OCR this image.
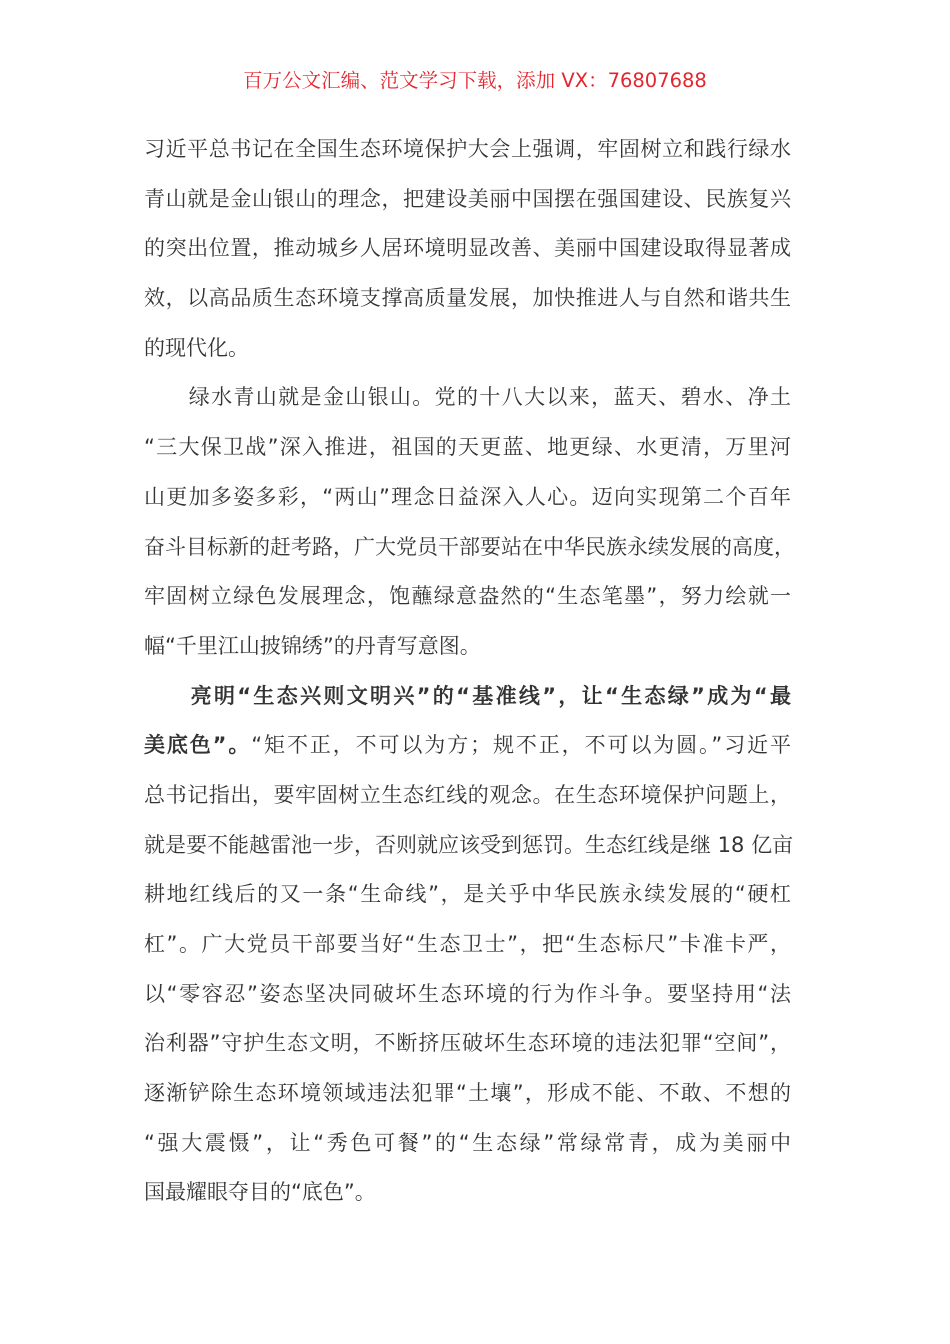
百万公文汇编、范文学习下载，添加 VX：76807688
习近平总书记在全国生态环境保护大会上强调，牢固树立和践行绿水
青山就是金山银山的理念，把建设美丽中国摆在强国建设、民族复兴
的突出位置，推动城乡人居环境明显改善、美丽中国建设取得显著成
效，以高品质生态环境支撑高质量发展，加快推进人与自然和谐共生
的现代化。
　　绿水青山就是金山银山。党的十八大以来，蓝天、碧水、净土
“三大保卫战”深入推进，祖国的天更蓝、地更绿、水更清，万里河
山更加多姿多彩，“两山”理念日益深入人心。迈向实现第二个百年
奋斗目标新的赶考路，广大党员干部要站在中华民族永续发展的高度，
牢固树立绿色发展理念，饱蘸绿意盎然的“生态笔墨”，努力绘就一
幅“千里江山披锦绣”的丹青写意图。
　　亮明“生态兴则文明兴”的“基准线”，让“生态绿”成为“最
美底色”。“矩不正，不可以为方；规不正，不可以为圆。”习近平
总书记指出，要牢固树立生态红线的观念。在生态环境保护问题上，
就是要不能越雷池一步，否则就应该受到惩罚。生态红线是继 18 亿亩
耕地红线后的又一条“生命线”，是关乎中华民族永续发展的“硬杠
杠”。广大党员干部要当好“生态卫士”，把“生态标尺”卡准卡严，
以“零容忍”姿态坚决同破坏生态环境的行为作斗争。要坚持用“法
治利器”守护生态文明，不断挤压破坏生态环境的违法犯罪“空间”，
逐渐铲除生态环境领域违法犯罪“土壤”，形成不能、不敢、不想的
“强大震慑”，让“秀色可餐”的“生态绿”常绿常青，成为美丽中
国最耀眼夺目的“底色”。
